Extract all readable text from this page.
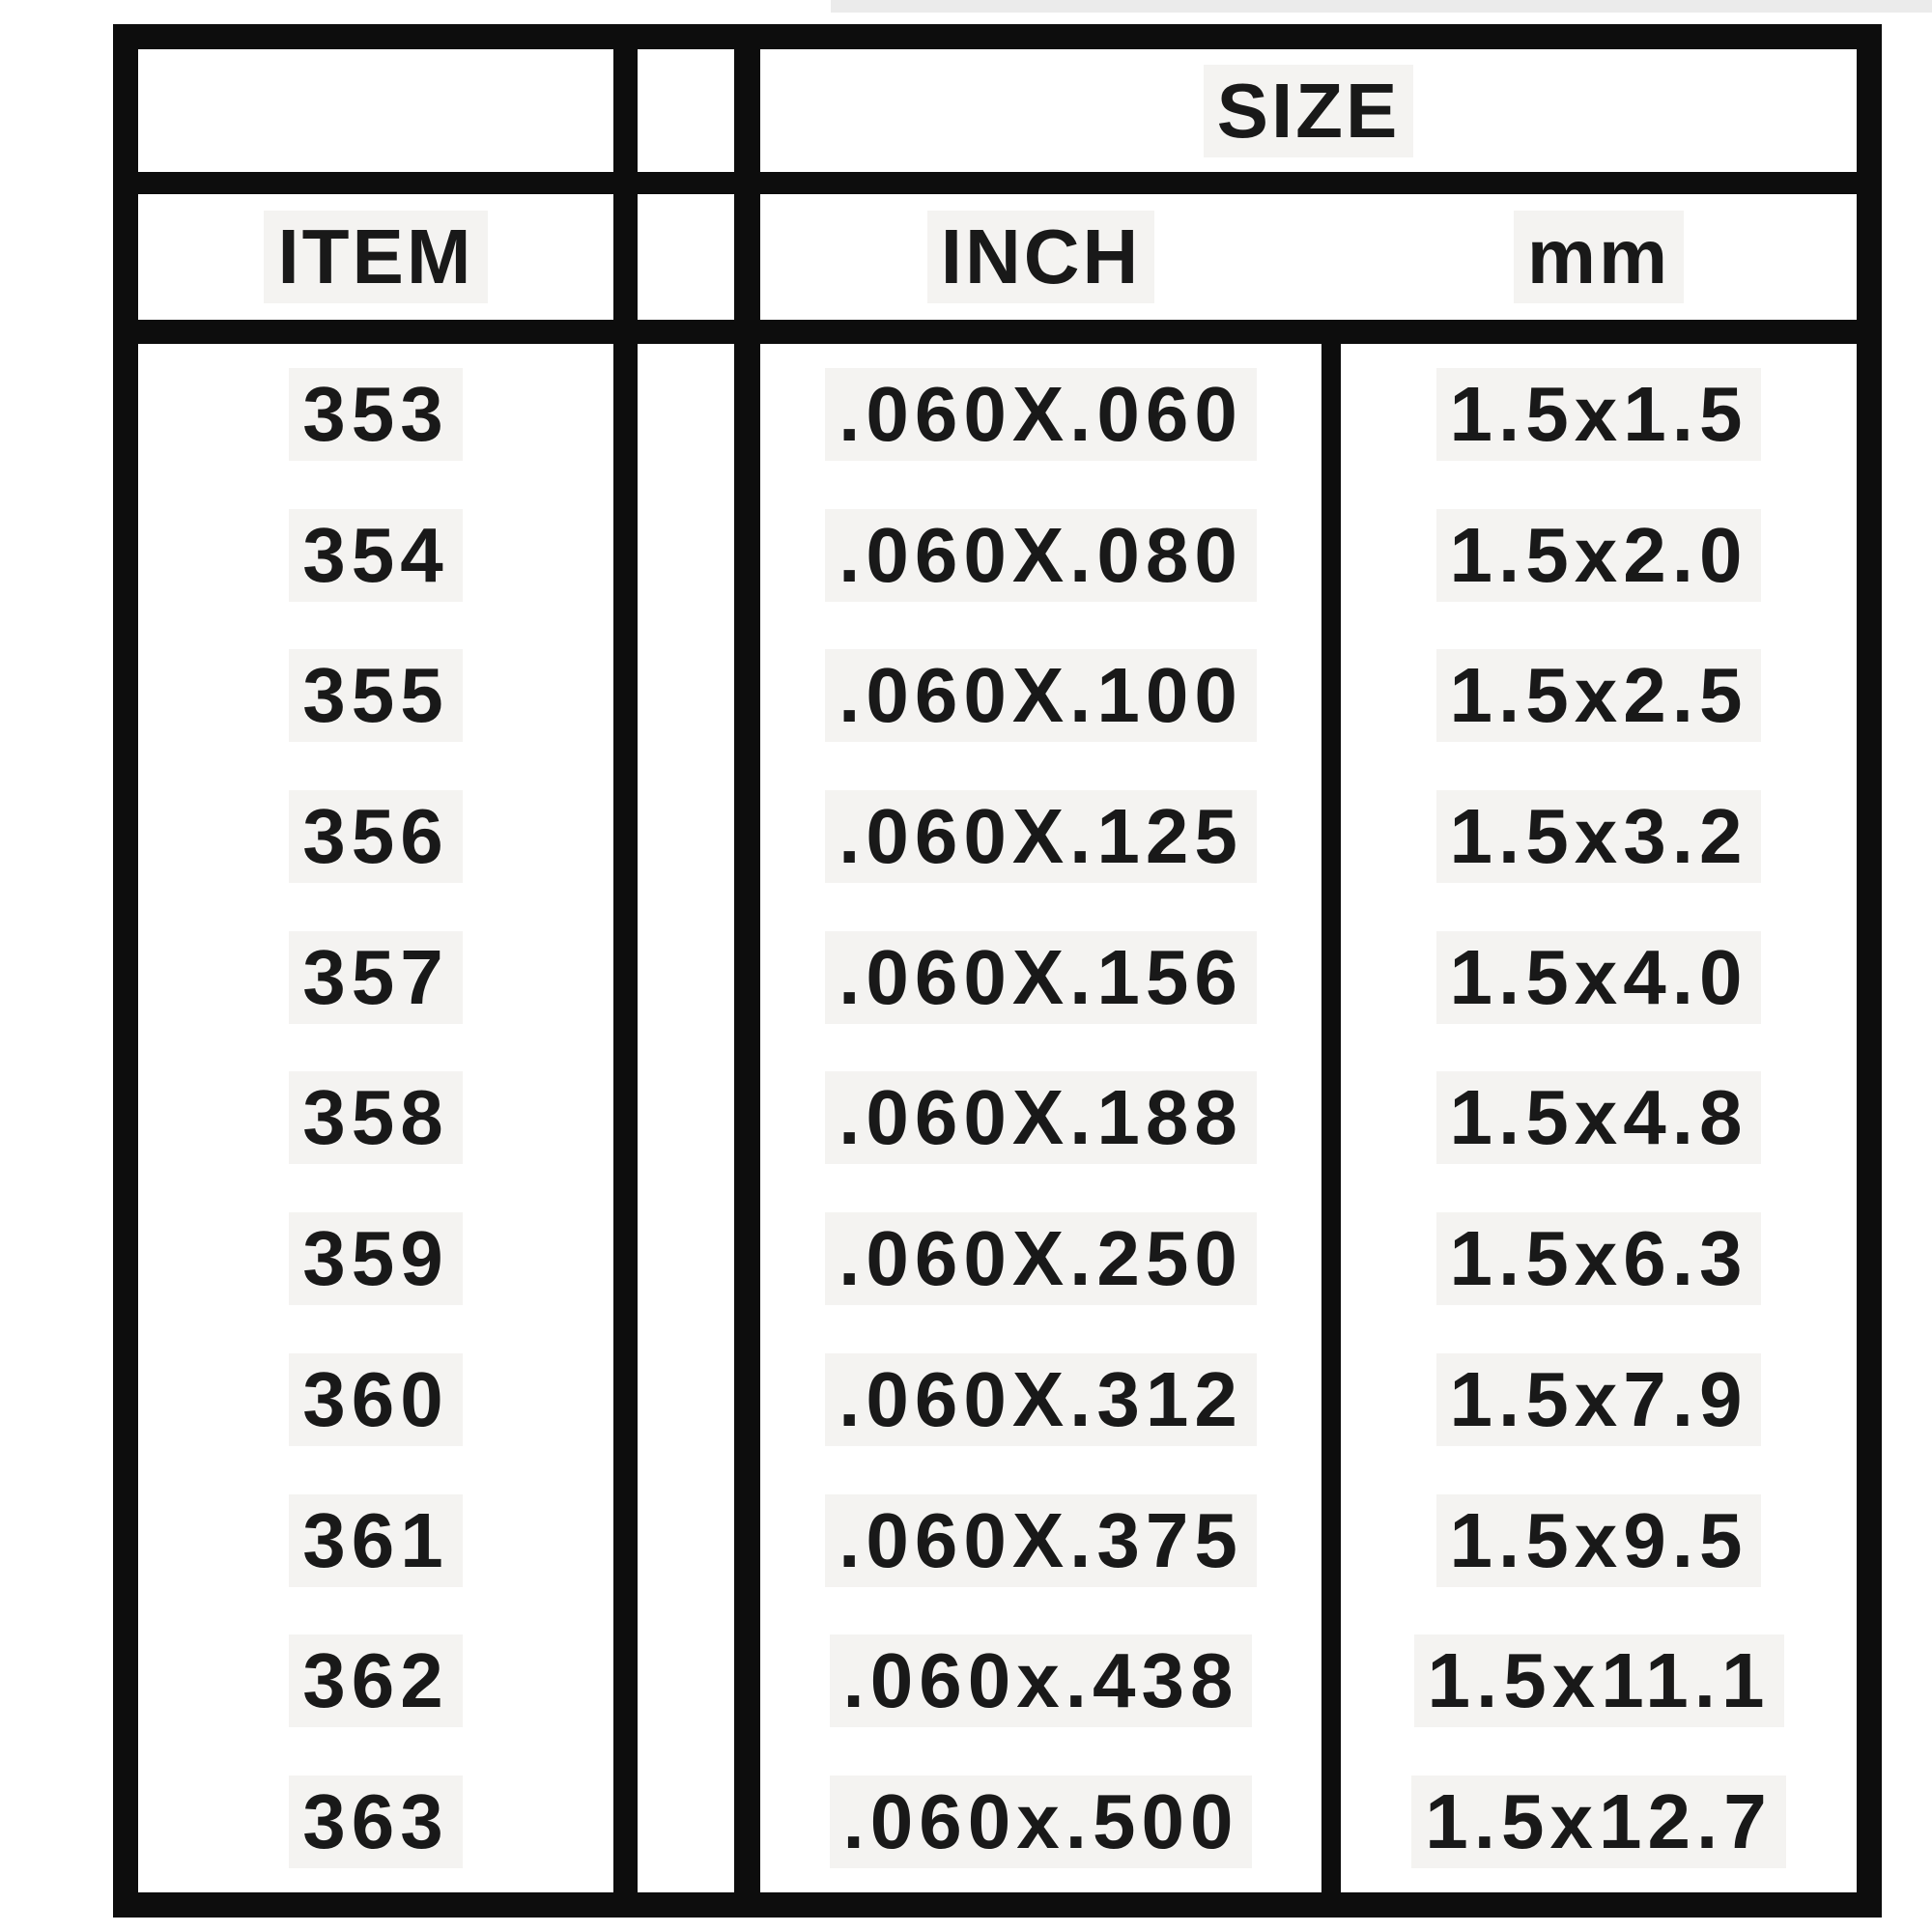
SIZE
ITEM	INCH	mm
353
354
355
356
357
358
359
360
361
362
363
.060X.060
.060X.080
.060X.100
.060X.125
.060X.156
.060X.188
.060X.250
.060X.312
.060X.375
.060x.438
.060x.500
1.5x1.5
1.5x2.0
1.5x2.5
1.5x3.2
1.5x4.0
1.5x4.8
1.5x6.3
1.5x7.9
1.5x9.5
1.5x11.1
1.5x12.7
